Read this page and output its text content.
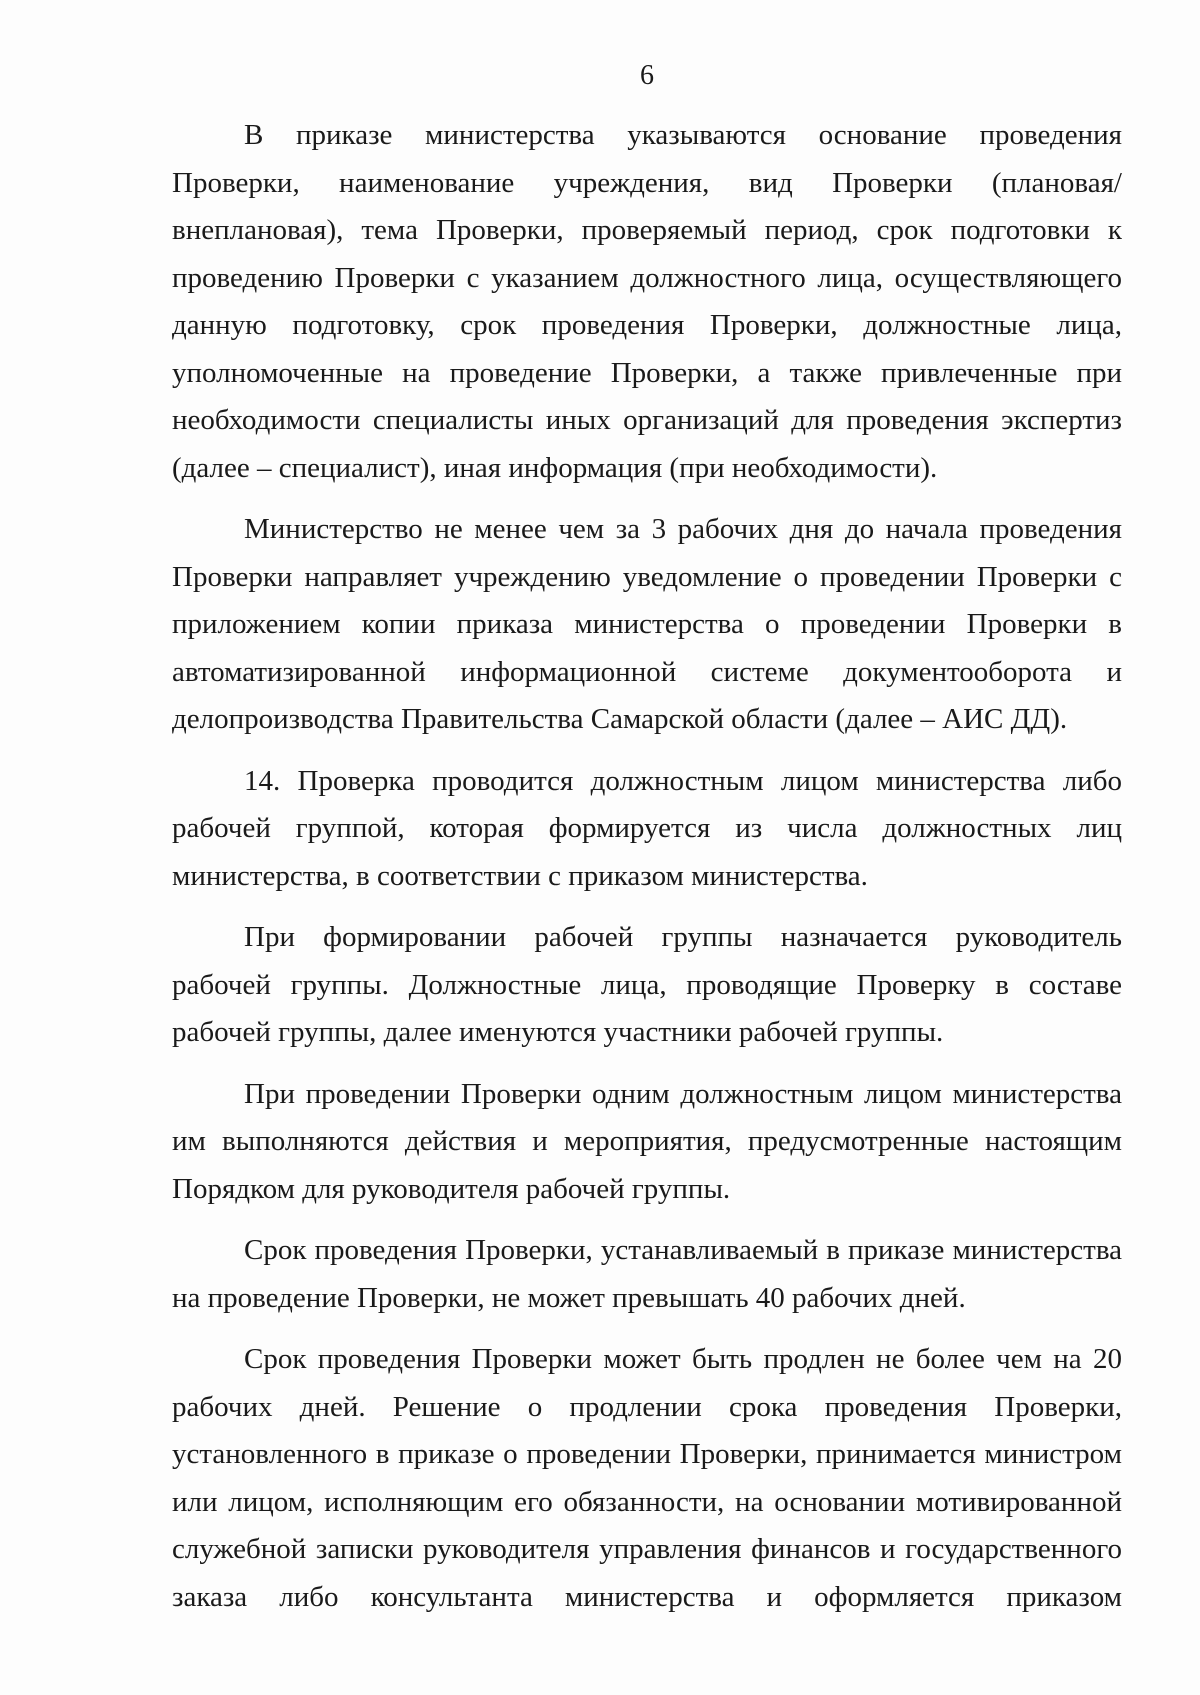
6

В приказе министерства указываются основание проведения Проверки, наименование учреждения, вид Проверки (плановая/внеплановая), тема Проверки, проверяемый период, срок подготовки к проведению Проверки с указанием должностного лица, осуществляющего данную подготовку, срок проведения Проверки, должностные лица, уполномоченные на проведение Проверки, а также привлеченные при необходимости специалисты иных организаций для проведения экспертиз (далее – специалист), иная информация (при необходимости).

Министерство не менее чем за 3 рабочих дня до начала проведения Проверки направляет учреждению уведомление о проведении Проверки с приложением копии приказа министерства о проведении Проверки в автоматизированной информационной системе документооборота и делопроизводства Правительства Самарской области (далее – АИС ДД).

14. Проверка проводится должностным лицом министерства либо рабочей группой, которая формируется из числа должностных лиц министерства, в соответствии с приказом министерства.

При формировании рабочей группы назначается руководитель рабочей группы. Должностные лица, проводящие Проверку в составе рабочей группы, далее именуются участники рабочей группы.

При проведении Проверки одним должностным лицом министерства им выполняются действия и мероприятия, предусмотренные настоящим Порядком для руководителя рабочей группы.

Срок проведения Проверки, устанавливаемый в приказе министерства на проведение Проверки, не может превышать 40 рабочих дней.

Срок проведения Проверки может быть продлен не более чем на 20 рабочих дней. Решение о продлении срока проведения Проверки, установленного в приказе о проведении Проверки, принимается министром или лицом, исполняющим его обязанности, на основании мотивированной служебной записки руководителя управления финансов и государственного заказа либо консультанта министерства и оформляется приказом
